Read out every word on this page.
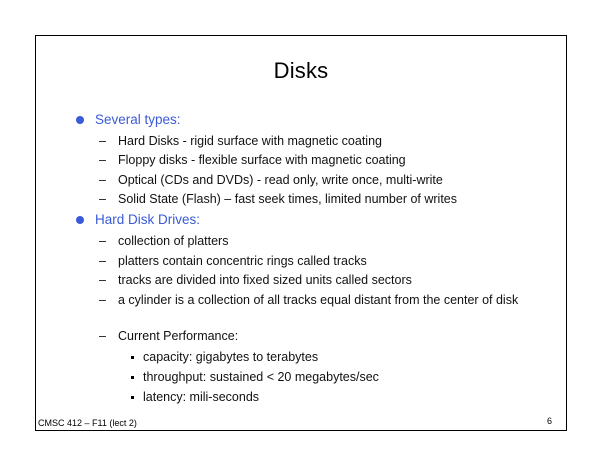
Disks
Several types:
– Hard Disks - rigid surface with magnetic coating
– Floppy disks - flexible surface with magnetic coating
– Optical (CDs and DVDs) - read only, write once, multi-write
– Solid State (Flash) – fast seek times, limited number of writes
Hard Disk Drives:
– collection of platters
– platters contain concentric rings called tracks
– tracks are divided into fixed sized units called sectors
– a cylinder is a collection of all tracks equal distant from the center of disk
– Current Performance:
capacity: gigabytes to terabytes
throughput: sustained < 20 megabytes/sec
latency: mili-seconds
CMSC 412 – F11 (lect 2)	6
